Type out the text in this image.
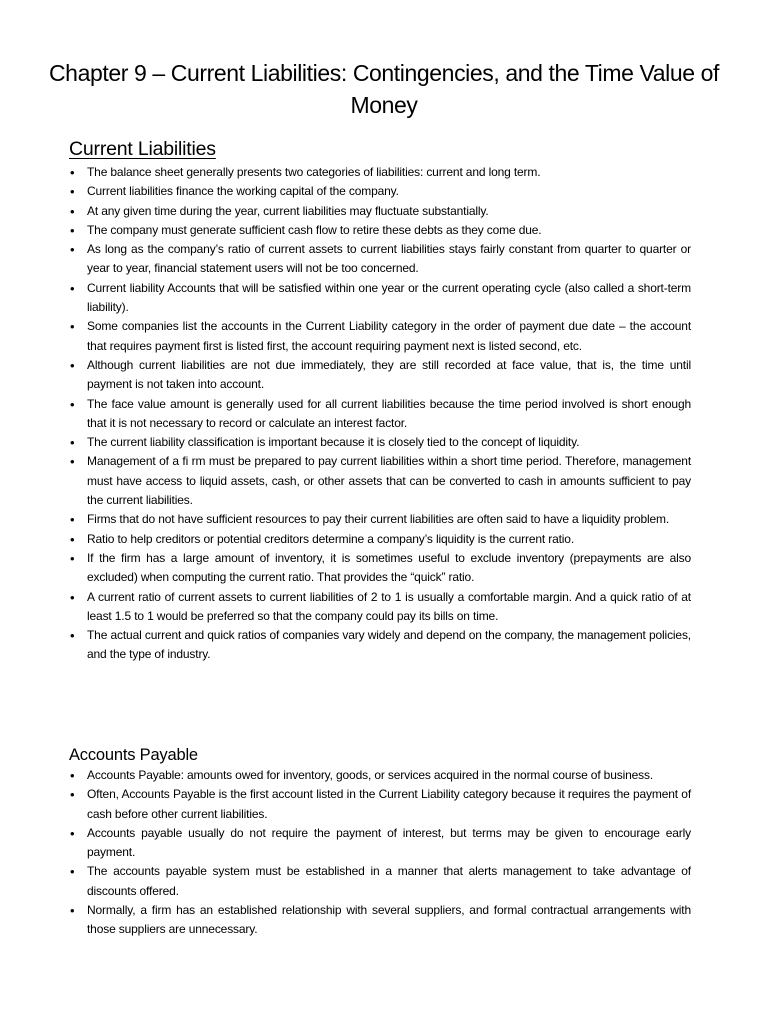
Chapter 9 – Current Liabilities: Contingencies, and the Time Value of Money
Current Liabilities
• The balance sheet generally presents two categories of liabilities: current and long term.
• Current liabilities finance the working capital of the company.
• At any given time during the year, current liabilities may fluctuate substantially.
• The company must generate sufficient cash flow to retire these debts as they come due.
• As long as the company’s ratio of current assets to current liabilities stays fairly constant from quarter to quarter or year to year, financial statement users will not be too concerned.
• Current liability Accounts that will be satisfied within one year or the current operating cycle (also called a short-term liability).
• Some companies list the accounts in the Current Liability category in the order of payment due date – the account that requires payment first is listed first, the account requiring payment next is listed second, etc.
• Although current liabilities are not due immediately, they are still recorded at face value, that is, the time until payment is not taken into account.
• The face value amount is generally used for all current liabilities because the time period involved is short enough that it is not necessary to record or calculate an interest factor.
• The current liability classification is important because it is closely tied to the concept of liquidity.
• Management of a fi rm must be prepared to pay current liabilities within a short time period. Therefore, management must have access to liquid assets, cash, or other assets that can be converted to cash in amounts sufficient to pay the current liabilities.
• Firms that do not have sufficient resources to pay their current liabilities are often said to have a liquidity problem.
• Ratio to help creditors or potential creditors determine a company’s liquidity is the current ratio.
• If the firm has a large amount of inventory, it is sometimes useful to exclude inventory (prepayments are also excluded) when computing the current ratio. That provides the “quick” ratio.
• A current ratio of current assets to current liabilities of 2 to 1 is usually a comfortable margin. And a quick ratio of at least 1.5 to 1 would be preferred so that the company could pay its bills on time.
• The actual current and quick ratios of companies vary widely and depend on the company, the management policies, and the type of industry.
Accounts Payable
• Accounts Payable: amounts owed for inventory, goods, or services acquired in the normal course of business.
• Often, Accounts Payable is the first account listed in the Current Liability category because it requires the payment of cash before other current liabilities.
• Accounts payable usually do not require the payment of interest, but terms may be given to encourage early payment.
• The accounts payable system must be established in a manner that alerts management to take advantage of discounts offered.
• Normally, a firm has an established relationship with several suppliers, and formal contractual arrangements with those suppliers are unnecessary.
